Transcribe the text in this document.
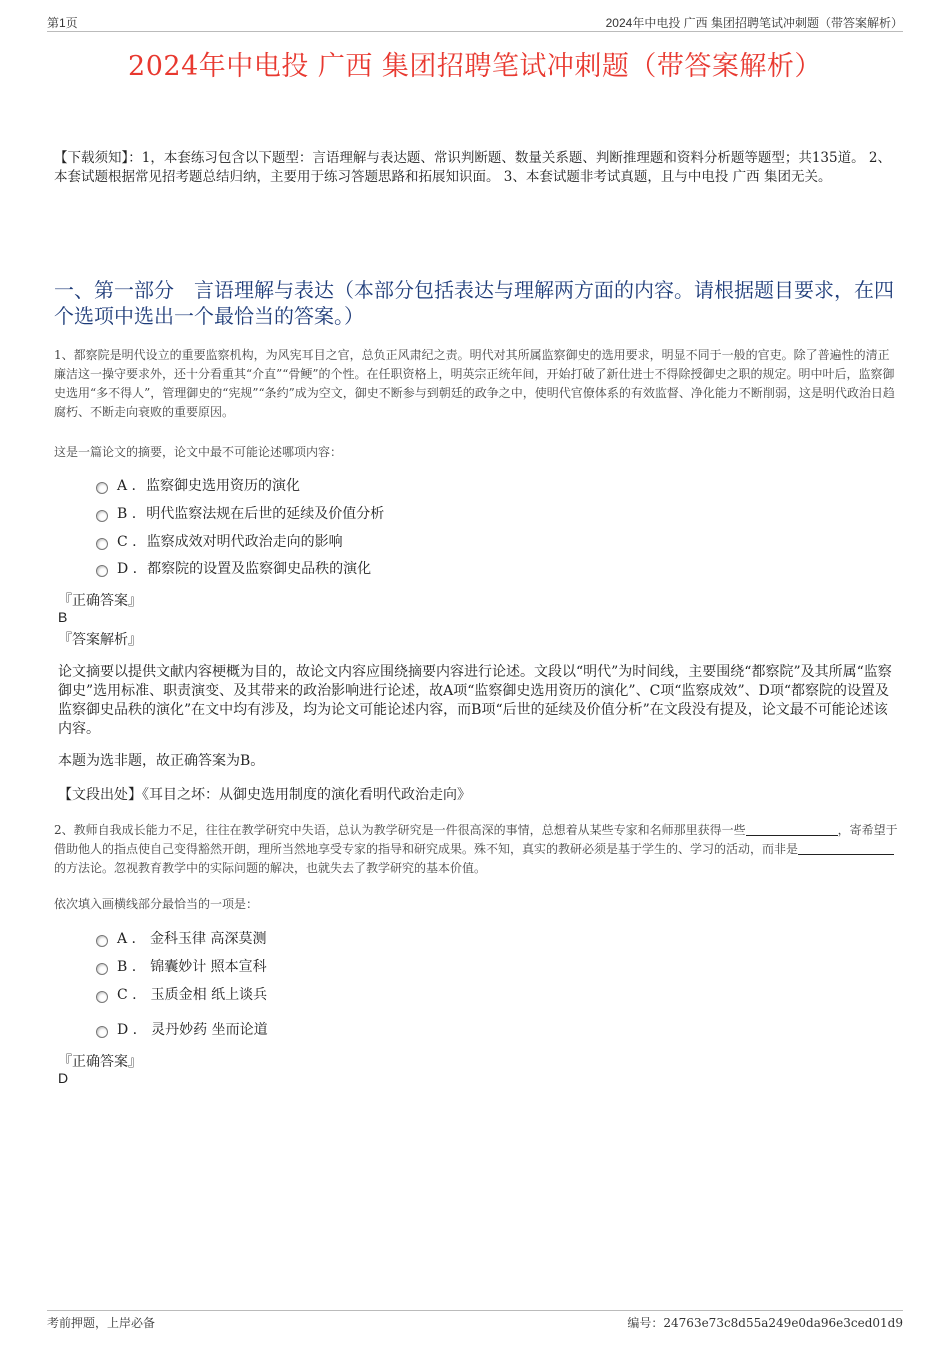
第1页	2024年中电投 广西 集团招聘笔试冲刺题（带答案解析）
2024年中电投 广西 集团招聘笔试冲刺题（带答案解析）
【下载须知】：1，本套练习包含以下题型：言语理解与表达题、常识判断题、数量关系题、判断推理题和资料分析题等题型；共135道。 2、本套试题根据常见招考题总结归纳，主要用于练习答题思路和拓展知识面。 3、本套试题非考试真题，且与中电投 广西 集团无关。
一、第一部分　言语理解与表达（本部分包括表达与理解两方面的内容。请根据题目要求，在四个选项中选出一个最恰当的答案。）
1、都察院是明代设立的重要监察机构，为风宪耳目之官，总负正风肃纪之责。明代对其所属监察御史的选用要求，明显不同于一般的官吏。除了普遍性的清正廉洁这一操守要求外，还十分看重其“介直”“骨鲠”的个性。在任职资格上，明英宗正统年间，开始打破了新仕进士不得除授御史之职的规定。明中叶后，监察御史选用“多不得人”，管理御史的“宪规”“条约”成为空文，御史不断参与到朝廷的政争之中，使明代官僚体系的有效监督、净化能力不断削弱，这是明代政治日趋腐朽、不断走向衰败的重要原因。
这是一篇论文的摘要，论文中最不可能论述哪项内容：
A . 监察御史选用资历的演化
B . 明代监察法规在后世的延续及价值分析
C . 监察成效对明代政治走向的影响
D . 都察院的设置及监察御史品秩的演化
『正确答案』
B
『答案解析』
论文摘要以提供文献内容梗概为目的，故论文内容应围绕摘要内容进行论述。文段以“明代”为时间线，主要围绕“都察院”及其所属“监察御史”选用标准、职责演变、及其带来的政治影响进行论述，故A项“监察御史选用资历的演化”、C项“监察成效”、D项“都察院的设置及监察御史品秩的演化”在文中均有涉及，均为论文可能论述内容，而B项“后世的延续及价值分析”在文段没有提及，论文最不可能论述该内容。
本题为选非题，故正确答案为B。
【文段出处】《耳目之坏：从御史选用制度的演化看明代政治走向》
2、教师自我成长能力不足，往往在教学研究中失语，总认为教学研究是一件很高深的事情，总想着从某些专家和名师那里获得一些	，寄希望于借助他人的指点使自己变得豁然开朗，理所当然地享受专家的指导和研究成果。殊不知，真实的教研必须是基于学生的、学习的活动，而非是的方法论。忽视教育教学中的实际问题的解决，也就失去了教学研究的基本价值。
依次填入画横线部分最恰当的一项是：
A . 金科玉律 高深莫测
B . 锦囊妙计 照本宣科
C . 玉质金相 纸上谈兵
D . 灵丹妙药 坐而论道
『正确答案』
D
考前押题，上岸必备	编号：24763e73c8d55a249e0da96e3ced01d9
